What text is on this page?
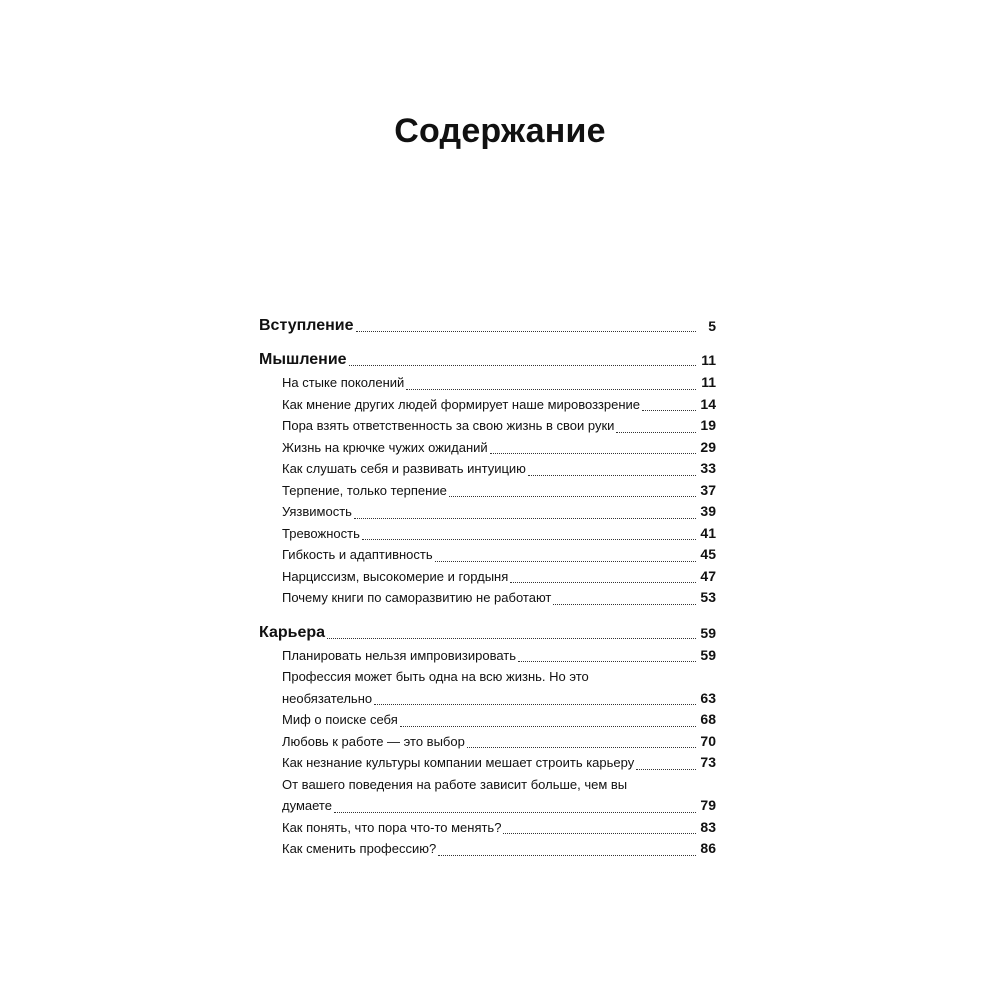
Содержание
Вступление	5
Мышление	11
На стыке поколений	11
Как мнение других людей формирует наше мировоззрение	14
Пора взять ответственность за свою жизнь в свои руки	19
Жизнь на крючке чужих ожиданий	29
Как слушать себя и развивать интуицию	33
Терпение, только терпение	37
Уязвимость	39
Тревожность	41
Гибкость и адаптивность	45
Нарциссизм, высокомерие и гордыня	47
Почему книги по саморазвитию не работают	53
Карьера	59
Планировать нельзя импровизировать	59
Профессия может быть одна на всю жизнь. Но это
необязательно	63
Миф о поиске себя	68
Любовь к работе — это выбор	70
Как незнание культуры компании мешает строить карьеру	73
От вашего поведения на работе зависит больше, чем вы
думаете	79
Как понять, что пора что-то менять?	83
Как сменить профессию?	86
